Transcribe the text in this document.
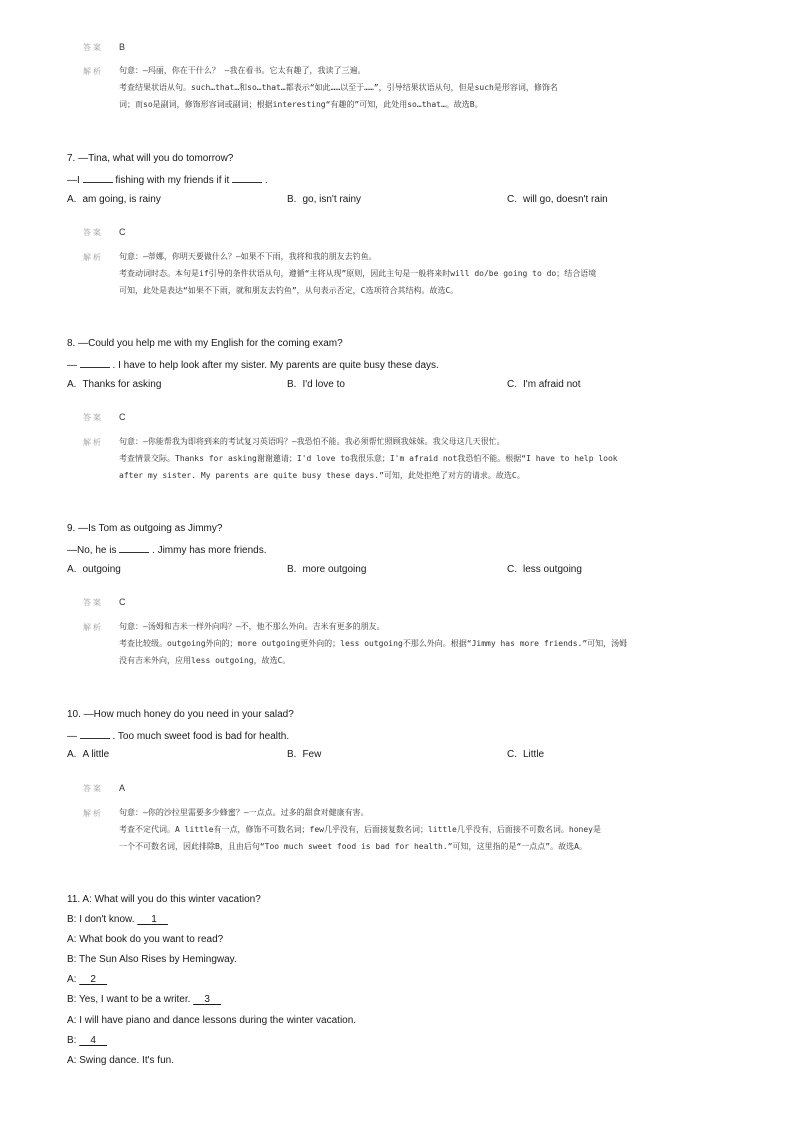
答案	B
解析	句意：—玛丽，你在干什么？ —我在看书。它太有趣了，我读了三遍。
考查结果状语从句。such…that…和so…that…都表示“如此……以至于……”，引导结果状语从句，但是such是形容词，修饰名
词；而so是副词，修饰形容词或副词；根据interesting“有趣的”可知，此处用so…that…。故选B。
7. —Tina, what will you do tomorrow?
—I	fishing with my friends if it	.
A. am going, is rainy	B. go, isn't rainy	C. will go, doesn't rain
答案	C
解析	句意：—蒂娜，你明天要做什么？—如果不下雨，我将和我的朋友去钓鱼。
考查动词时态。本句是if引导的条件状语从句，遵循“主将从现”原则，因此主句是一般将来时will do/be going to do；结合语境
可知，此处是表达“如果不下雨，就和朋友去钓鱼”，从句表示否定，C选项符合其结构。故选C。
8. —Could you help me with my English for the coming exam?
—	. I have to help look after my sister. My parents are quite busy these days.
A. Thanks for asking	B. I'd love to	C. I'm afraid not
答案	C
解析	句意：—你能帮我为即将到来的考试复习英语吗？—我恐怕不能。我必须帮忙照顾我妹妹。我父母这几天很忙。
考查情景交际。Thanks for asking谢谢邀请；I'd love to我很乐意；I'm afraid not我恐怕不能。根据“I have to help look
after my sister. My parents are quite busy these days.”可知，此处拒绝了对方的请求。故选C。
9. —Is Tom as outgoing as Jimmy?
—No, he is	. Jimmy has more friends.
A. outgoing	B. more outgoing	C. less outgoing
答案	C
解析	句意：—汤姆和吉米一样外向吗？—不，他不那么外向。吉米有更多的朋友。
考查比较级。outgoing外向的；more outgoing更外向的；less outgoing不那么外向。根据“Jimmy has more friends.”可知，汤姆
没有吉米外向，应用less outgoing，故选C。
10. —How much honey do you need in your salad?
—	. Too much sweet food is bad for health.
A. A little	B. Few	C. Little
答案	A
解析	句意：—你的沙拉里需要多少蜂蜜？—一点点。过多的甜食对健康有害。
考查不定代词。A little有一点，修饰不可数名词；few几乎没有，后面接复数名词；little几乎没有，后面接不可数名词。honey是
一个不可数名词，因此排除B，且由后句“Too much sweet food is bad for health.”可知，这里指的是“一点点”。故选A。
11. A: What will you do this winter vacation?
B: I don't know.      1
A: What book do you want to read?
B: The Sun Also Rises by Hemingway.
A:     2
B: Yes, I want to be a writer.     3
A: I will have piano and dance lessons during the winter vacation.
B:     4
A: Swing dance. It's fun.
